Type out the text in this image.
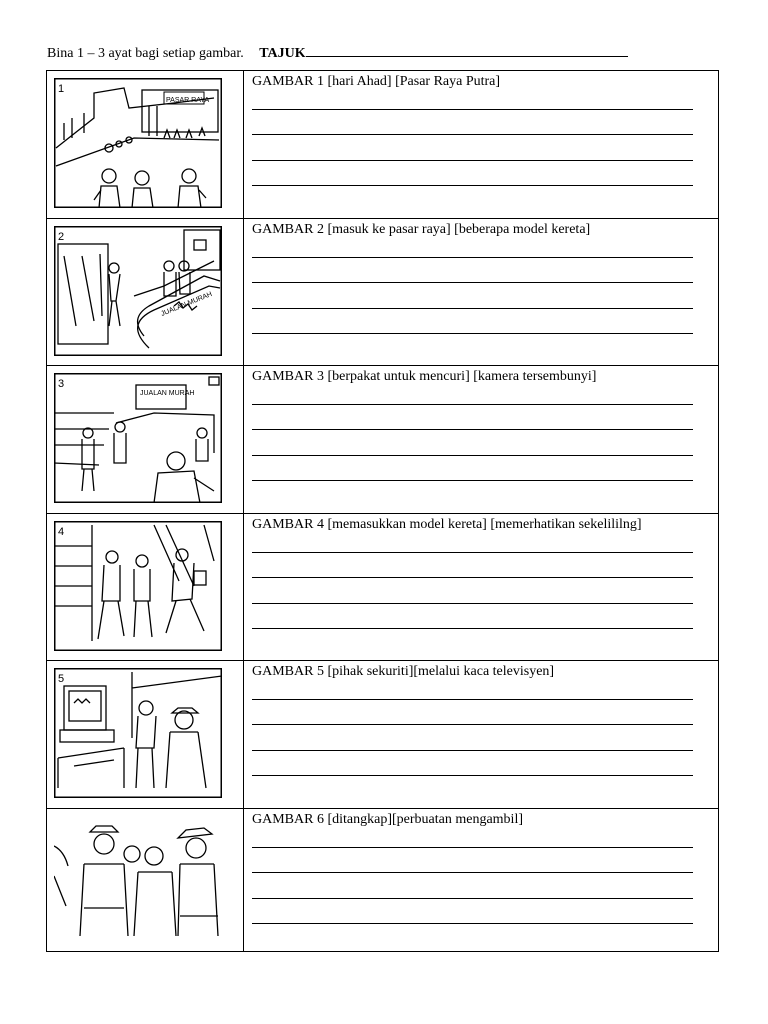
Bina 1 – 3 ayat bagi setiap gambar. TAJUK
1
PASAR RAYA
GAMBAR 1 [hari Ahad] [Pasar Raya Putra]
2
JUALAN MURAH
GAMBAR 2 [masuk ke pasar raya] [beberapa model kereta]
3
JUALAN MURAH
GAMBAR 3 [berpakat untuk mencuri] [kamera tersembunyi]
4	GAMBAR 4 [memasukkan model kereta] [memerhatikan sekelililng]
5	GAMBAR 5 [pihak sekuriti][melalui kaca televisyen]
GAMBAR 6 [ditangkap][perbuatan mengambil]
